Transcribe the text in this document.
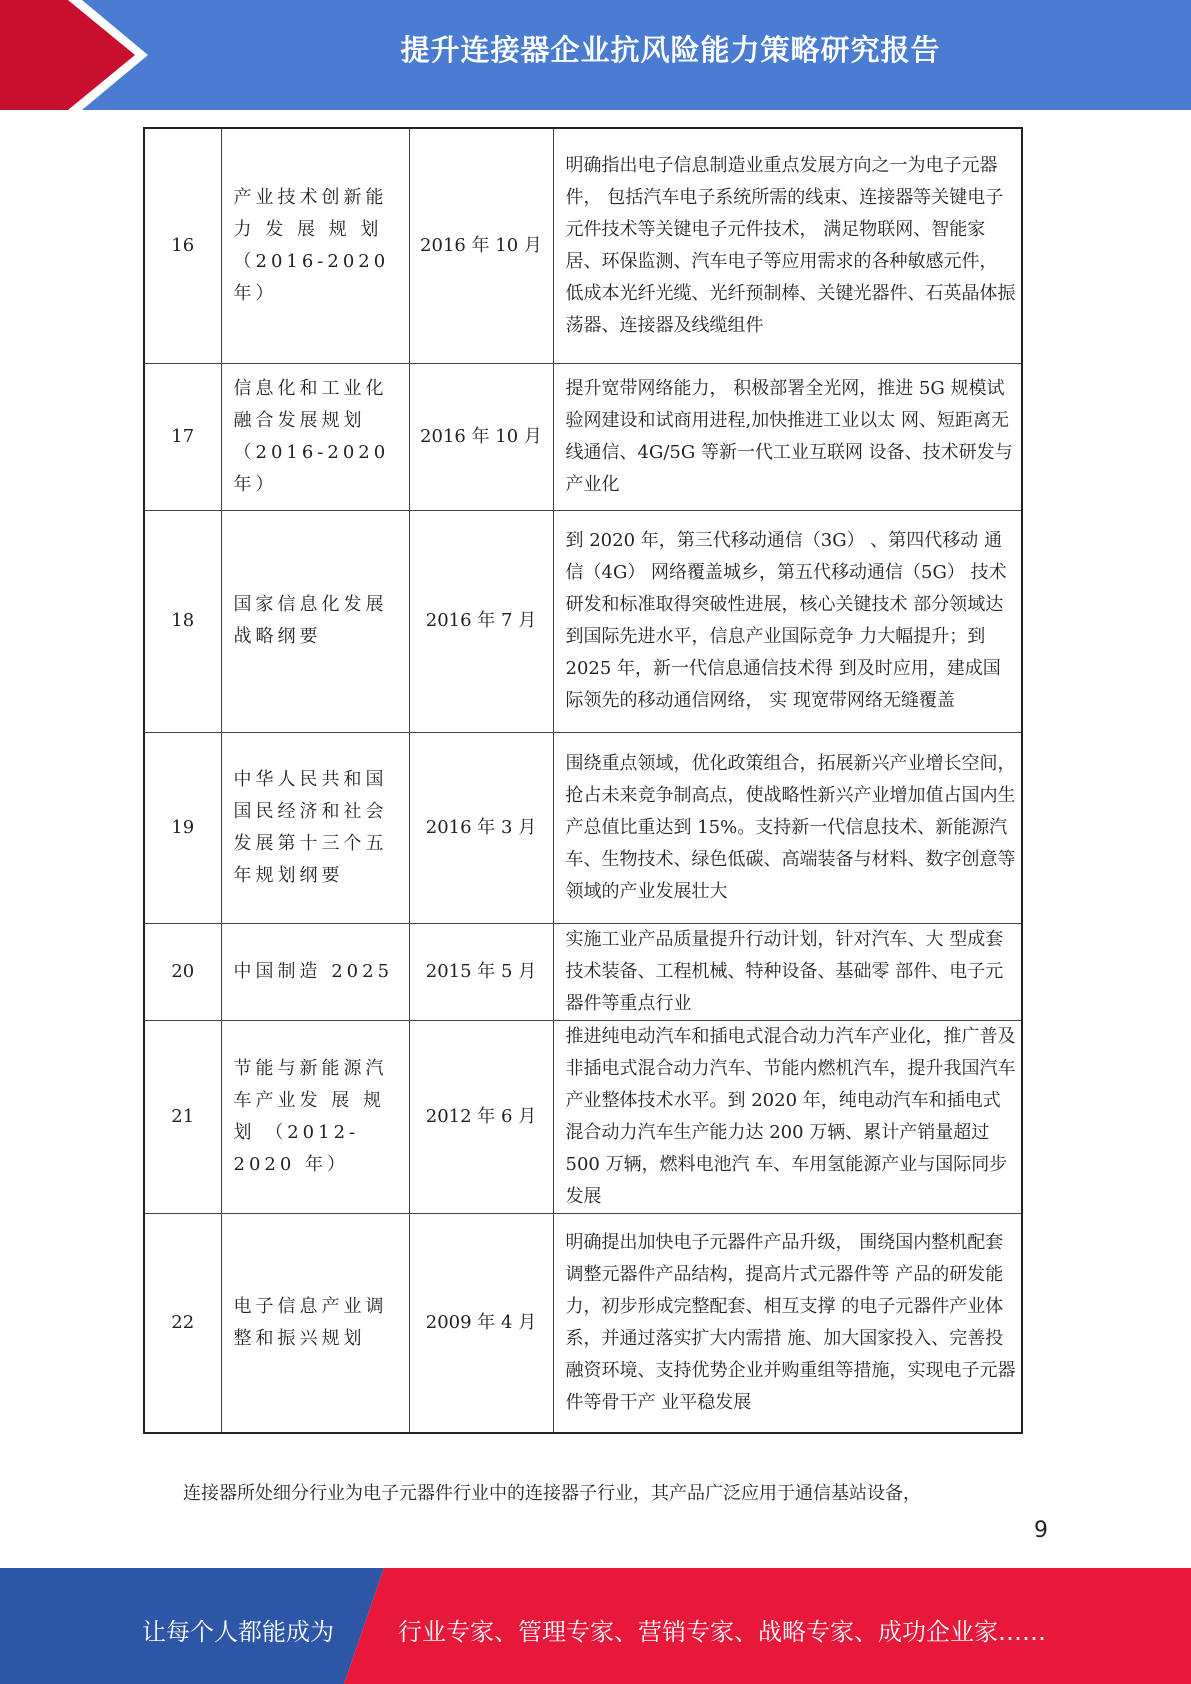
提升连接器企业抗风险能力策略研究报告
16	产业技术创新能 力 发 展 规 划 （2016-2020 年）	2016 年 10 月	明确指出电子信息制造业重点发展方向之一为电子元器件， 包括汽车电子系统所需的线束、连接器等关键电子元件技术等关键电子元件技术， 满足物联网、智能家居、环保监测、汽车电子等应用需求的各种敏感元件， 低成本光纤光缆、光纤预制棒、关键光器件、石英晶体振荡器、连接器及线缆组件
17	信息化和工业化 融合发展规划（2016-2020 年）	2016 年 10 月	提升宽带网络能力， 积极部署全光网，推进 5G 规模试验网建设和试商用进程,加快推进工业以太 网、短距离无线通信、4G/5G 等新一代工业互联网 设备、技术研发与产业化
18	国家信息化发展 战略纲要	2016 年 7 月	到 2020 年，第三代移动通信（3G） 、第四代移动 通信（4G） 网络覆盖城乡，第五代移动通信（5G） 技术研发和标准取得突破性进展，核心关键技术 部分领域达到国际先进水平，信息产业国际竞争 力大幅提升；到 2025 年，新一代信息通信技术得 到及时应用，建成国际领先的移动通信网络， 实 现宽带网络无缝覆盖
19	中华人民共和国 国民经济和社会 发展第十三个五 年规划纲要	2016 年 3 月	围绕重点领域，优化政策组合，拓展新兴产业增长空间，抢占未来竞争制高点，使战略性新兴产业增加值占国内生产总值比重达到 15%。支持新一代信息技术、新能源汽车、生物技术、绿色低碳、高端装备与材料、数字创意等领域的产业发展壮大
20	中国制造 2025	2015 年 5 月	实施工业产品质量提升行动计划，针对汽车、大 型成套技术装备、工程机械、特种设备、基础零 部件、电子元器件等重点行业
21	节能与新能源汽 车产业发 展 规划 （2012-2020 年）	2012 年 6 月	推进纯电动汽车和插电式混合动力汽车产业化，推广普及非插电式混合动力汽车、节能内燃机汽车，提升我国汽车产业整体技术水平。到 2020 年，纯电动汽车和插电式混合动力汽车生产能力达 200 万辆、累计产销量超过 500 万辆，燃料电池汽 车、车用氢能源产业与国际同步发展
22	电子信息产业调 整和振兴规划	2009 年 4 月	明确提出加快电子元器件产品升级， 围绕国内整机配套调整元器件产品结构，提高片式元器件等 产品的研发能力，初步形成完整配套、相互支撑 的电子元器件产业体系，并通过落实扩大内需措 施、加大国家投入、完善投融资环境、支持优势企业并购重组等措施，实现电子元器件等骨干产 业平稳发展
连接器所处细分行业为电子元器件行业中的连接器子行业，其产品广泛应用于通信基站设备，
9
让每个人都能成为	行业专家、管理专家、营销专家、战略专家、成功企业家……
